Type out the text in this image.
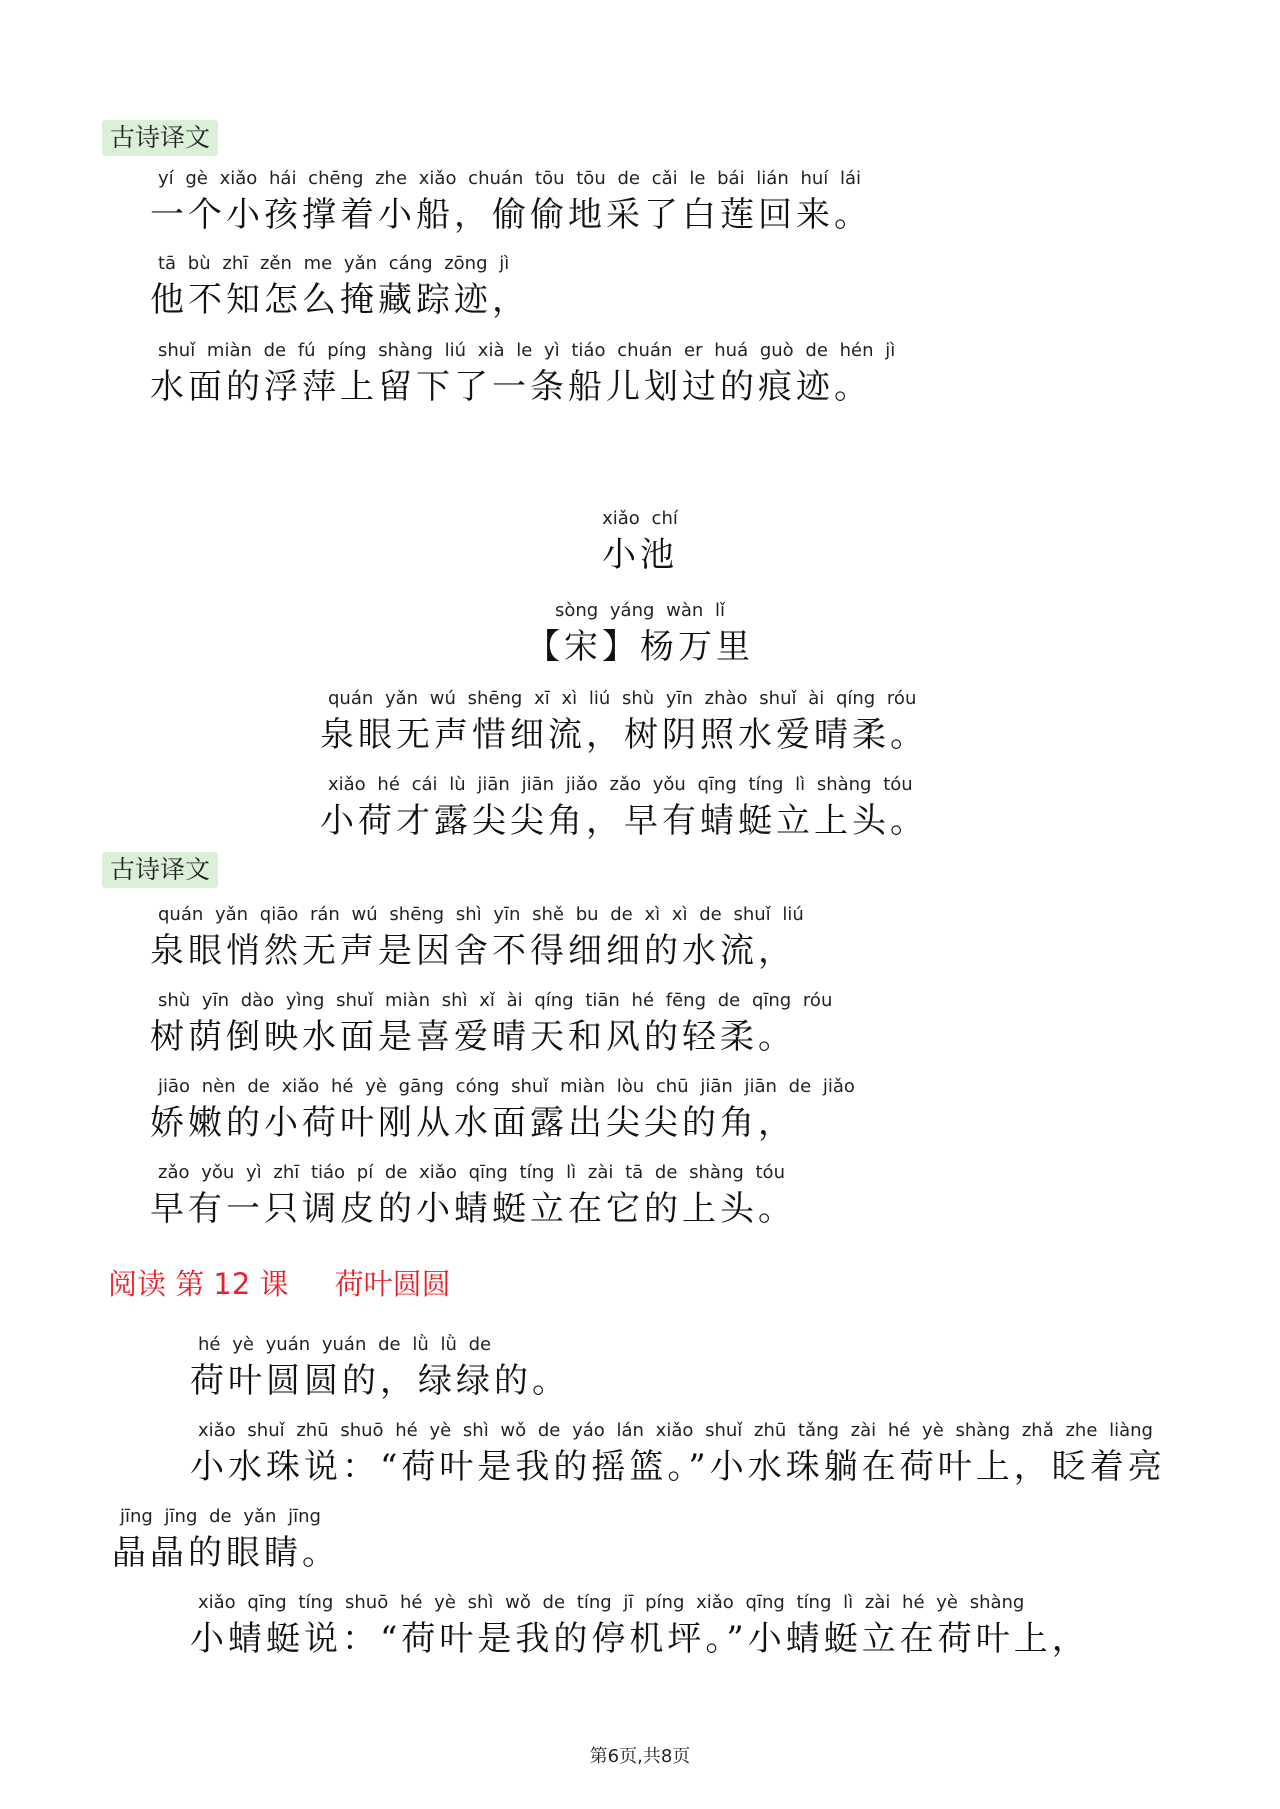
古诗译文
yí gè xiǎo hái chēng zhe xiǎo chuán tōu tōu de cǎi le bái lián huí lái
一个小孩撑着小船，偷偷地采了白莲回来。
tā bù zhī zěn me yǎn cáng zōng jì
他不知怎么掩藏踪迹，
shuǐ miàn de fú píng shàng liú xià le yì tiáo chuán er huá guò de hén jì
水面的浮萍上留下了一条船儿划过的痕迹。
xiǎo chí
小池
sòng yáng wàn lǐ
【宋】杨万里
quán yǎn wú shēng xī xì liú shù yīn zhào shuǐ ài qíng róu
泉眼无声惜细流，树阴照水爱晴柔。
xiǎo hé cái lù jiān jiān jiǎo zǎo yǒu qīng tíng lì shàng tóu
小荷才露尖尖角，早有蜻蜓立上头。
古诗译文
quán yǎn qiāo rán wú shēng shì yīn shě bu de xì xì de shuǐ liú
泉眼悄然无声是因舍不得细细的水流，
shù yīn dào yìng shuǐ miàn shì xǐ ài qíng tiān hé fēng de qīng róu
树荫倒映水面是喜爱晴天和风的轻柔。
jiāo nèn de xiǎo hé yè gāng cóng shuǐ miàn lòu chū jiān jiān de jiǎo
娇嫩的小荷叶刚从水面露出尖尖的角，
zǎo yǒu yì zhī tiáo pí de xiǎo qīng tíng lì zài tā de shàng tóu
早有一只调皮的小蜻蜓立在它的上头。
阅读 第 12 课 荷叶圆圆
hé yè yuán yuán de lǜ lǜ de
荷叶圆圆的，绿绿的。
xiǎo shuǐ zhū shuō hé yè shì wǒ de yáo lán xiǎo shuǐ zhū tǎng zài hé yè shàng zhǎ zhe liàng
小水珠说：“荷叶是我的摇篮。”小水珠躺在荷叶上，眨着亮
jīng jīng de yǎn jīng
晶晶的眼睛。
xiǎo qīng tíng shuō hé yè shì wǒ de tíng jī píng xiǎo qīng tíng lì zài hé yè shàng
小蜻蜓说：“荷叶是我的停机坪。”小蜻蜓立在荷叶上，
第6页,共8页
